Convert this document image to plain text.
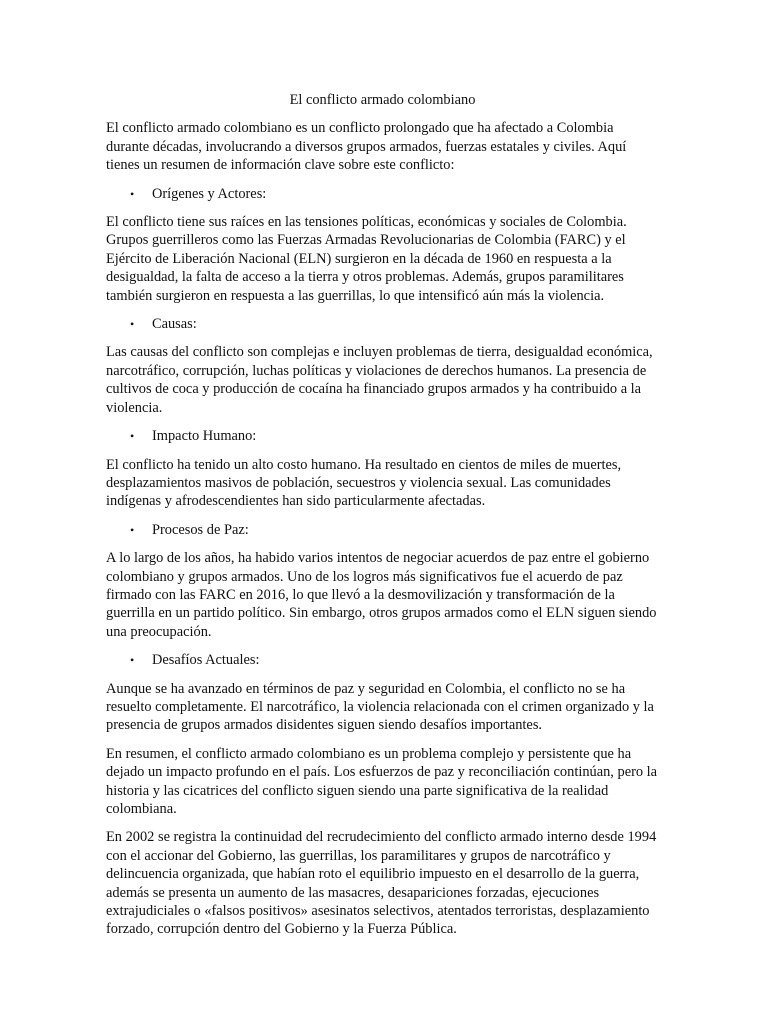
El conflicto armado colombiano

El conflicto armado colombiano es un conflicto prolongado que ha afectado a Colombia durante décadas, involucrando a diversos grupos armados, fuerzas estatales y civiles. Aquí tienes un resumen de información clave sobre este conflicto:

•	Orígenes y Actores:

El conflicto tiene sus raíces en las tensiones políticas, económicas y sociales de Colombia. Grupos guerrilleros como las Fuerzas Armadas Revolucionarias de Colombia (FARC) y el Ejército de Liberación Nacional (ELN) surgieron en la década de 1960 en respuesta a la desigualdad, la falta de acceso a la tierra y otros problemas. Además, grupos paramilitares también surgieron en respuesta a las guerrillas, lo que intensificó aún más la violencia.

•	Causas:

Las causas del conflicto son complejas e incluyen problemas de tierra, desigualdad económica, narcotráfico, corrupción, luchas políticas y violaciones de derechos humanos. La presencia de cultivos de coca y producción de cocaína ha financiado grupos armados y ha contribuido a la violencia.

•	Impacto Humano:

El conflicto ha tenido un alto costo humano. Ha resultado en cientos de miles de muertes, desplazamientos masivos de población, secuestros y violencia sexual. Las comunidades indígenas y afrodescendientes han sido particularmente afectadas.

•	Procesos de Paz:

A lo largo de los años, ha habido varios intentos de negociar acuerdos de paz entre el gobierno colombiano y grupos armados. Uno de los logros más significativos fue el acuerdo de paz firmado con las FARC en 2016, lo que llevó a la desmovilización y transformación de la guerrilla en un partido político. Sin embargo, otros grupos armados como el ELN siguen siendo una preocupación.

•	Desafíos Actuales:

Aunque se ha avanzado en términos de paz y seguridad en Colombia, el conflicto no se ha resuelto completamente. El narcotráfico, la violencia relacionada con el crimen organizado y la presencia de grupos armados disidentes siguen siendo desafíos importantes.

En resumen, el conflicto armado colombiano es un problema complejo y persistente que ha dejado un impacto profundo en el país. Los esfuerzos de paz y reconciliación continúan, pero la historia y las cicatrices del conflicto siguen siendo una parte significativa de la realidad colombiana.

En 2002 se registra la continuidad del recrudecimiento del conflicto armado interno desde 1994 con el accionar del Gobierno, las guerrillas, los paramilitares y grupos de narcotráfico y delincuencia organizada, que habían roto el equilibrio impuesto en el desarrollo de la guerra, además se presenta un aumento de las masacres, desapariciones forzadas, ejecuciones extrajudiciales o «falsos positivos» asesinatos selectivos, atentados terroristas, desplazamiento forzado, corrupción dentro del Gobierno y la Fuerza Pública.
